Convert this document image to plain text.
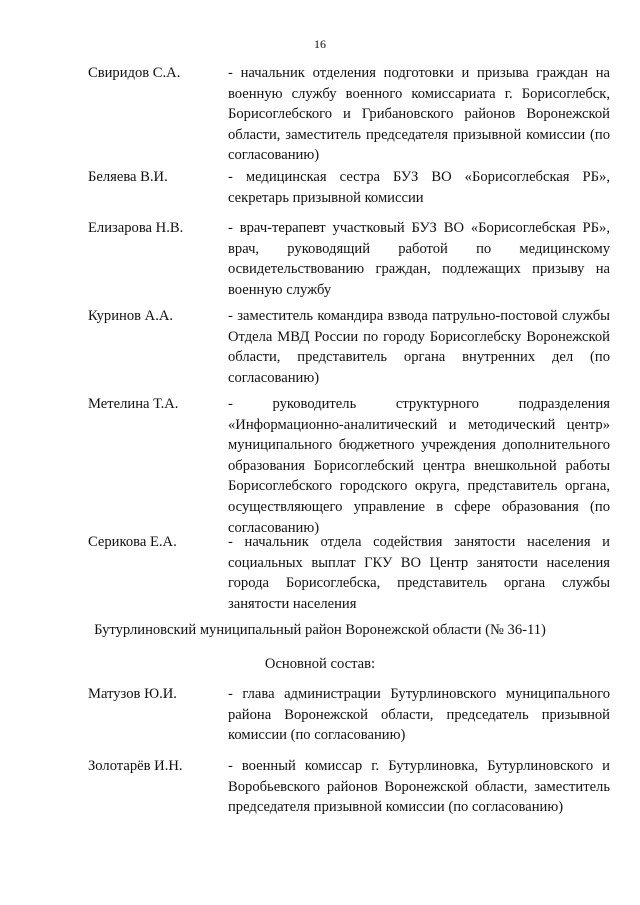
16
Свиридов С.А.	- начальник отделения подготовки и призыва граждан на военную службу военного комиссариата г. Борисоглебск, Борисоглебского и Грибановского районов Воронежской области, заместитель председателя призывной комиссии (по согласованию)
Беляева В.И.	- медицинская сестра БУЗ ВО «Борисоглебская РБ», секретарь призывной комиссии
Елизарова Н.В.	- врач-терапевт участковый БУЗ ВО «Борисоглебская РБ», врач, руководящий работой по медицинскому освидетельствованию граждан, подлежащих призыву на военную службу
Куринов А.А.	- заместитель командира взвода патрульно-постовой службы Отдела МВД России по городу Борисоглебску Воронежской области, представитель органа внутренних дел (по согласованию)
Метелина Т.А.	- руководитель структурного подразделения «Информационно-аналитический и методический центр» муниципального бюджетного учреждения дополнительного образования Борисоглебский центра внешкольной работы Борисоглебского городского округа, представитель органа, осуществляющего управление в сфере образования (по согласованию)
Серикова Е.А.	- начальник отдела содействия занятости населения и социальных выплат ГКУ ВО Центр занятости населения города Борисоглебска, представитель органа службы занятости населения
Бутурлиновский муниципальный район Воронежской области (№ 36-11)
Основной состав:
Матузов Ю.И.	- глава администрации Бутурлиновского муниципального района Воронежской области, председатель призывной комиссии (по согласованию)
Золотарёв И.Н.	- военный комиссар г. Бутурлиновка, Бутурлиновского и Воробьевского районов Воронежской области, заместитель председателя призывной комиссии (по согласованию)
